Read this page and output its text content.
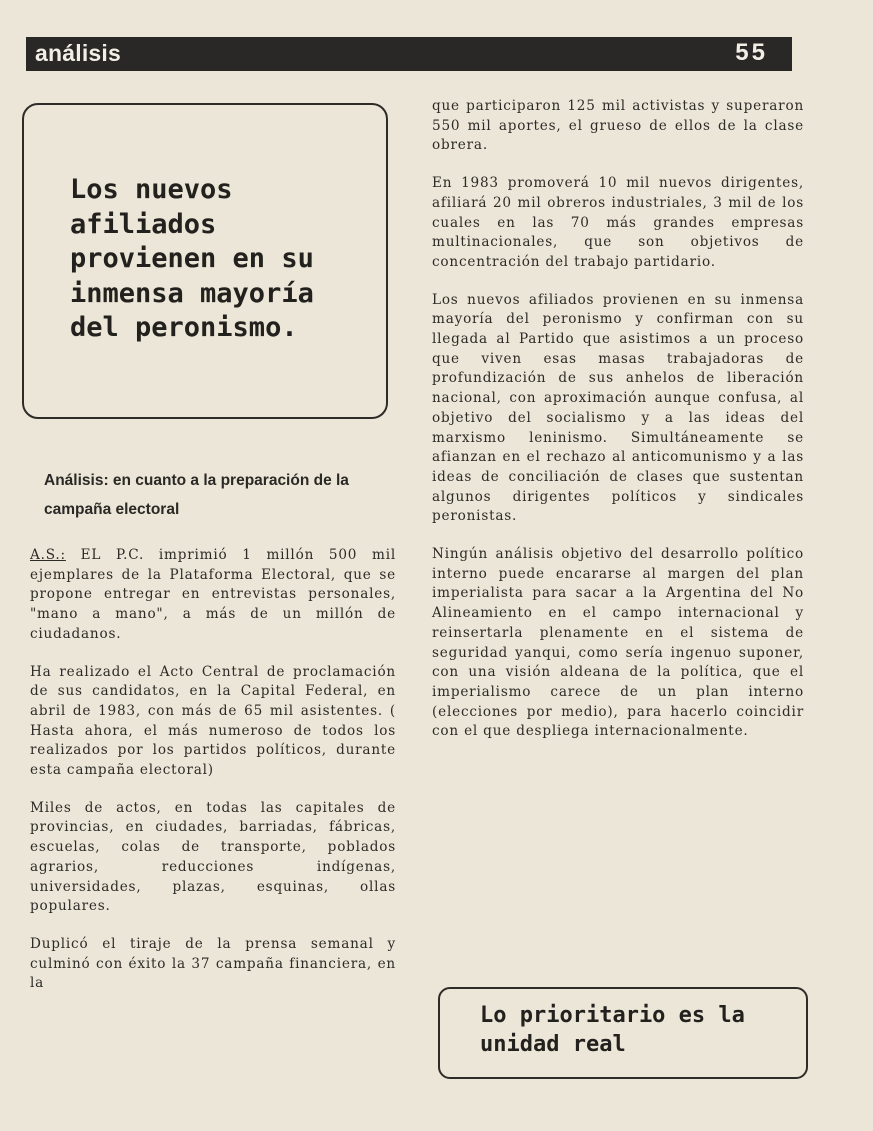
análisis	55
Los nuevos afiliados provienen en su inmensa mayoría del peronismo.
Análisis: en cuanto a la preparación de la campaña electoral

A.S.: EL P.C. imprimió 1 millón 500 mil ejemplares de la Plataforma Electoral, que se propone entregar en entrevistas personales, "mano a mano", a más de un millón de ciudadanos.

Ha realizado el Acto Central de proclamación de sus candidatos, en la Capital Federal, en abril de 1983, con más de 65 mil asistentes. ( Hasta ahora, el más numeroso de todos los realizados por los partidos políticos, durante esta campaña electoral)

Miles de actos, en todas las capitales de provincias, en ciudades, barriadas, fábricas, escuelas, colas de transporte, poblados agrarios, reducciones indígenas, universidades, plazas, esquinas, ollas populares.

Duplicó el tiraje de la prensa semanal y culminó con éxito la 37 campaña financiera, en la

que participaron 125 mil activistas y superaron 550 mil aportes, el grueso de ellos de la clase obrera.

En 1983 promoverá 10 mil nuevos dirigentes, afiliará 20 mil obreros industriales, 3 mil de los cuales en las 70 más grandes empresas multinacionales, que son objetivos de concentración del trabajo partidario.

Los nuevos afiliados provienen en su inmensa mayoría del peronismo y confirman con su llegada al Partido que asistimos a un proceso que viven esas masas trabajadoras de profundización de sus anhelos de liberación nacional, con aproximación aunque confusa, al objetivo del socialismo y a las ideas del marxismo leninismo. Simultáneamente se afianzan en el rechazo al anticomunismo y a las ideas de conciliación de clases que sustentan algunos dirigentes políticos y sindicales peronistas.

Ningún análisis objetivo del desarrollo político interno puede encararse al margen del plan imperialista para sacar a la Argentina del No Alineamiento en el campo internacional y reinsertarla plenamente en el sistema de seguridad yanqui, como sería ingenuo suponer, con una visión aldeana de la política, que el imperialismo carece de un plan interno (elecciones por medio), para hacerlo coincidir con el que despliega internacionalmente.

Lo prioritario es la unidad real
